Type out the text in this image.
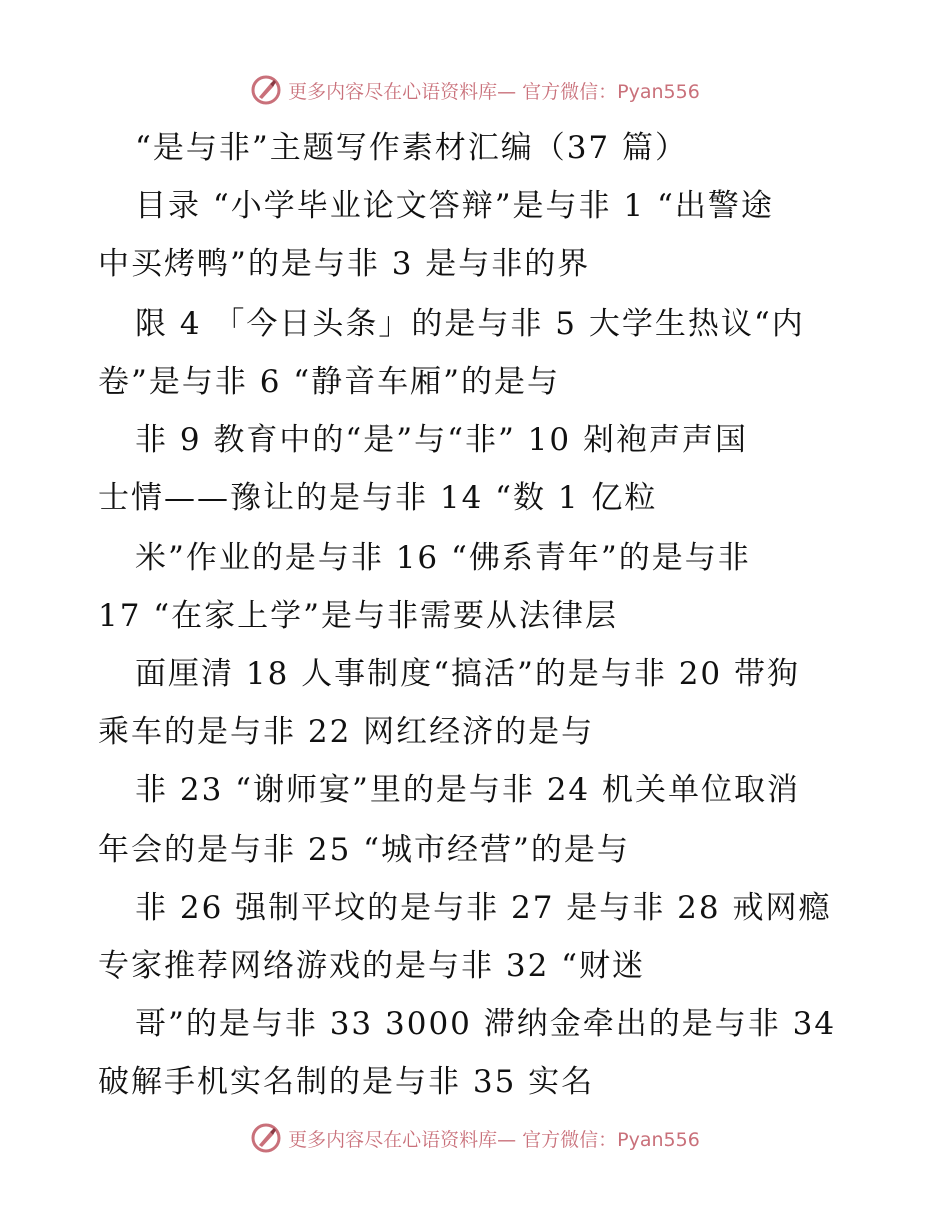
更多内容尽在心语资料库— 官方微信：Pyan556
“是与非”主题写作素材汇编（37 篇）
目录 “小学毕业论文答辩”是与非 1 “出警途
中买烤鸭”的是与非 3 是与非的界
限 4 「今日头条」的是与非 5 大学生热议“内
卷”是与非 6 “静音车厢”的是与
非 9 教育中的“是”与“非” 10 剁袍声声国
士情——豫让的是与非 14 “数 1 亿粒
米”作业的是与非 16 “佛系青年”的是与非
17 “在家上学”是与非需要从法律层
面厘清 18 人事制度“搞活”的是与非 20 带狗
乘车的是与非 22 网红经济的是与
非 23 “谢师宴”里的是与非 24 机关单位取消
年会的是与非 25 “城市经营”的是与
非 26 强制平坟的是与非 27 是与非 28 戒网瘾
专家推荐网络游戏的是与非 32 “财迷
哥”的是与非 33 3000 滞纳金牵出的是与非 34
破解手机实名制的是与非 35 实名
更多内容尽在心语资料库— 官方微信：Pyan556
